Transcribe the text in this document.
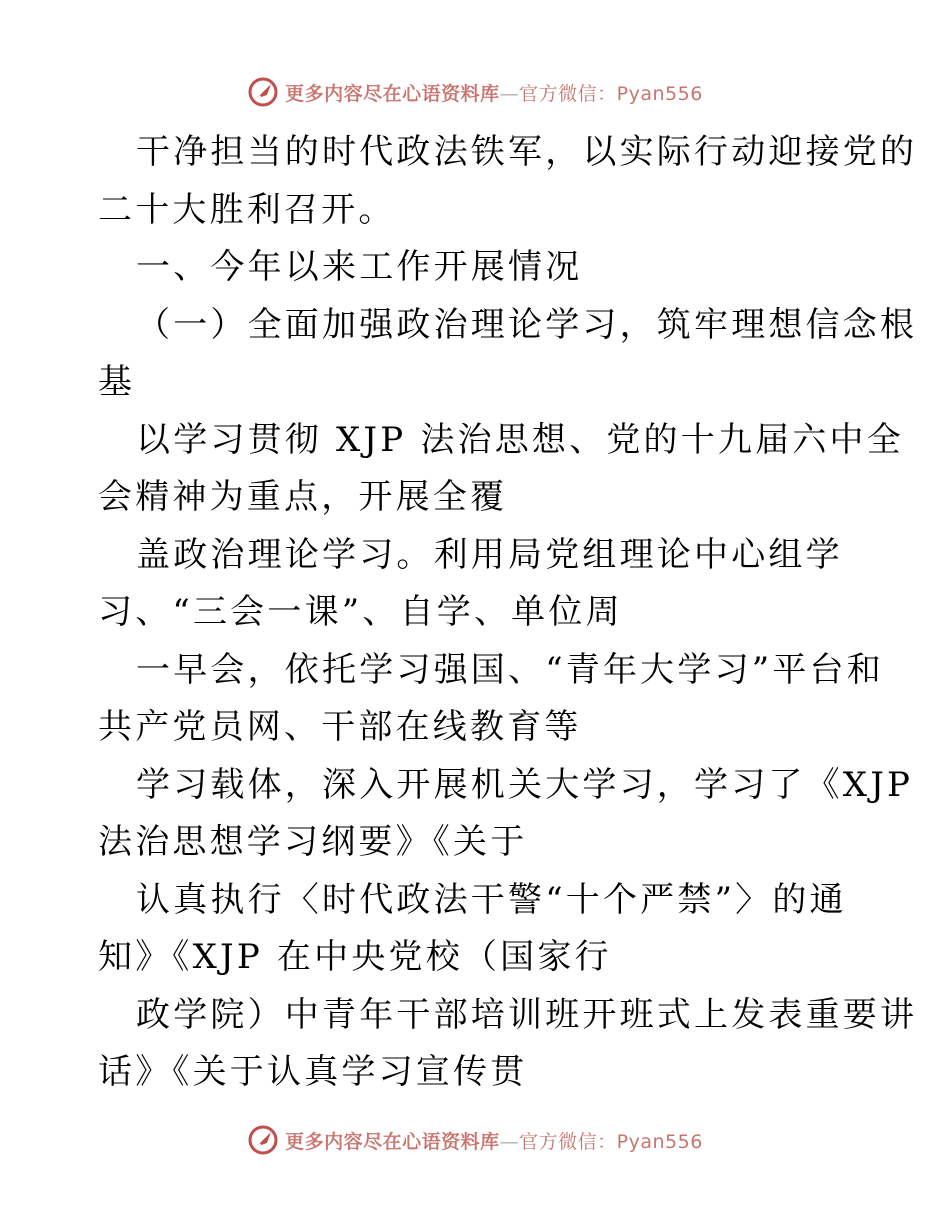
更多内容尽在心语资料库—官方微信：Pyan556
干净担当的时代政法铁军，以实际行动迎接党的
二十大胜利召开。
一、今年以来工作开展情况
（一）全面加强政治理论学习，筑牢理想信念根
基
以学习贯彻 XJP 法治思想、党的十九届六中全
会精神为重点，开展全覆
盖政治理论学习。利用局党组理论中心组学
习、“三会一课”、自学、单位周
一早会，依托学习强国、“青年大学习”平台和
共产党员网、干部在线教育等
学习载体，深入开展机关大学习，学习了《XJP
法治思想学习纲要》《关于
认真执行〈时代政法干警“十个严禁”〉的通
知》《XJP 在中央党校（国家行
政学院）中青年干部培训班开班式上发表重要讲
话》《关于认真学习宣传贯
更多内容尽在心语资料库—官方微信：Pyan556
